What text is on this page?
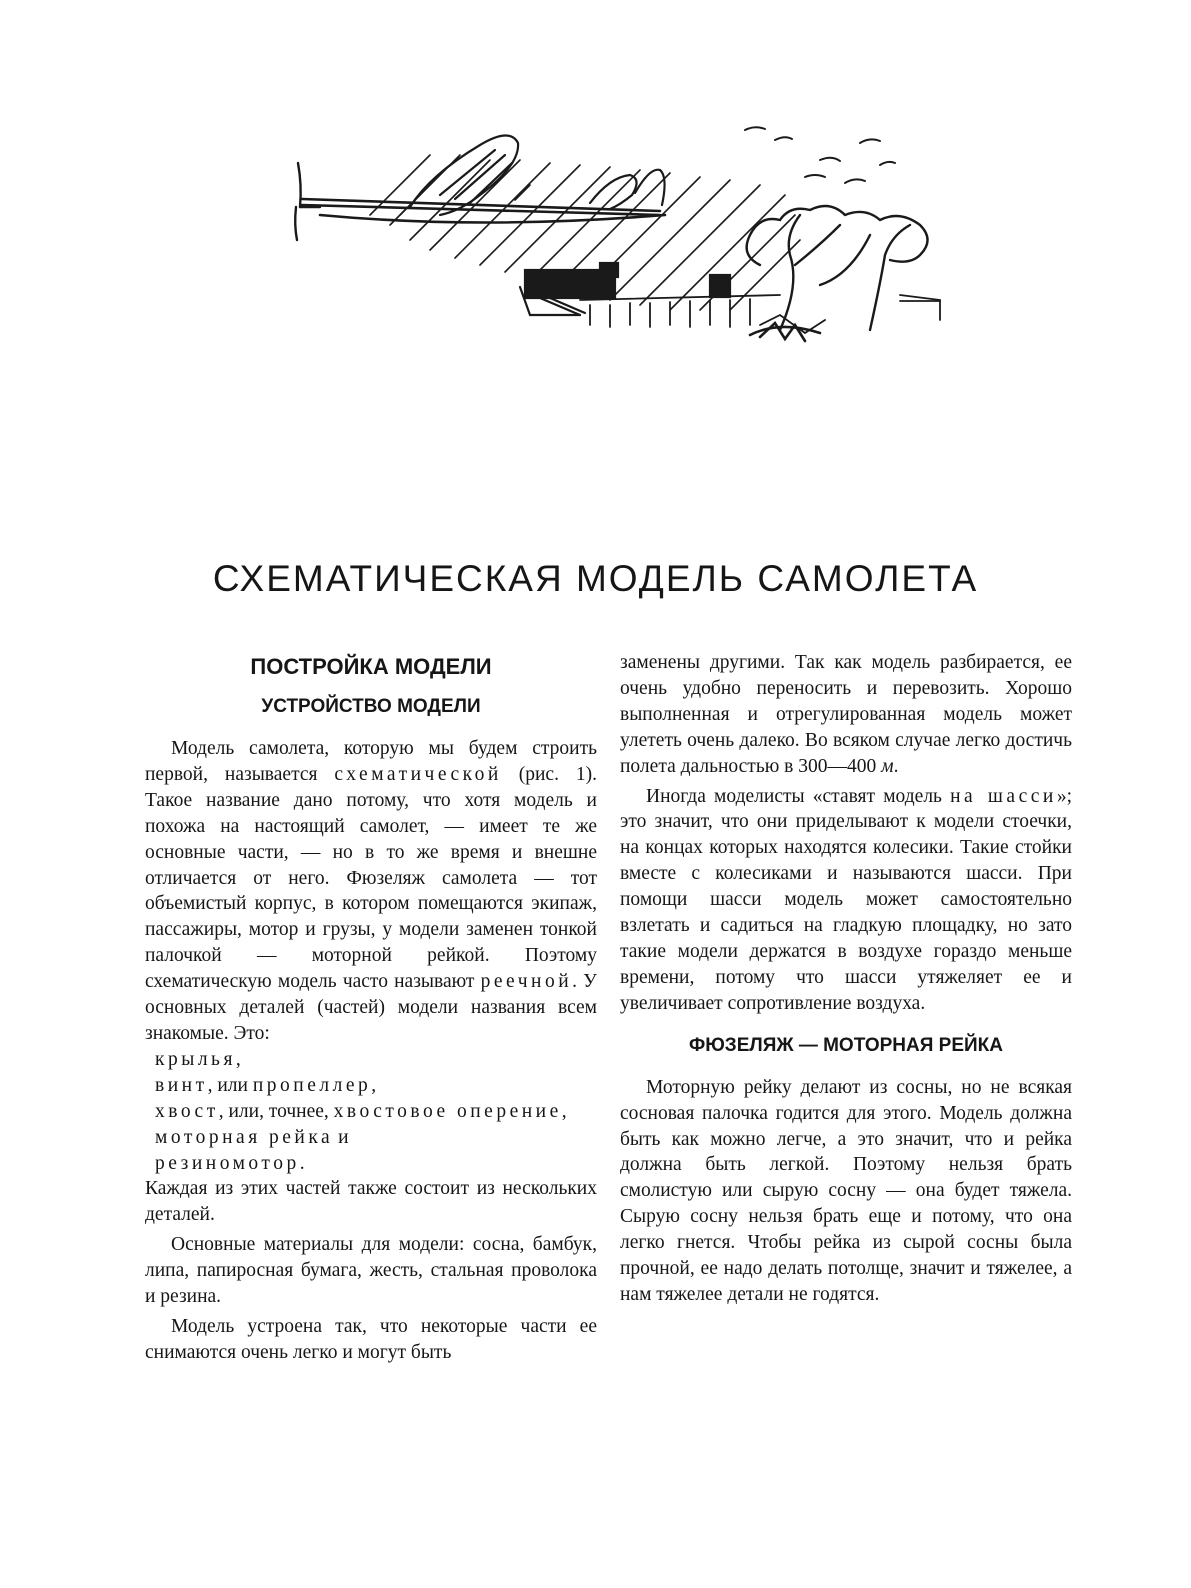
СХЕМАТИЧЕСКАЯ МОДЕЛЬ САМОЛЕТА
ПОСТРОЙКА МОДЕЛИ
УСТРОЙСТВО МОДЕЛИ

Модель самолета, которую мы будем строить первой, называется схематической (рис. 1). Такое название дано потому, что хотя модель и похожа на настоящий самолет, — имеет те же основные части, — но в то же время и внешне отличается от него. Фюзеляж самолета — тот объемистый корпус, в котором помещаются экипаж, пассажиры, мотор и грузы, у модели заменен тонкой палочкой — моторной рейкой. Поэтому схематическую модель часто называют реечной. У основных деталей (частей) модели названия всем знакомые. Это:

крылья,
винт, или пропеллер,
хвост, или, точнее, хвостовое оперение,
моторная рейка и
резиномотор.

Каждая из этих частей также состоит из нескольких деталей.

Основные материалы для модели: сосна, бамбук, липа, папиросная бумага, жесть, стальная проволока и резина.

Модель устроена так, что некоторые части ее снимаются очень легко и могут быть

заменены другими. Так как модель разбирается, ее очень удобно переносить и перевозить. Хорошо выполненная и отрегулированная модель может улететь очень далеко. Во всяком случае легко достичь полета дальностью в 300—400 м.

Иногда моделисты «ставят модель на шасси»; это значит, что они приделывают к модели стоечки, на концах которых находятся колесики. Такие стойки вместе с колесиками и называются шасси. При помощи шасси модель может самостоятельно взлетать и садиться на гладкую площадку, но зато такие модели держатся в воздухе гораздо меньше времени, потому что шасси утяжеляет ее и увеличивает сопротивление воздуха.

ФЮЗЕЛЯЖ — МОТОРНАЯ РЕЙКА

Моторную рейку делают из сосны, но не всякая сосновая палочка годится для этого. Модель должна быть как можно легче, а это значит, что и рейка должна быть легкой. Поэтому нельзя брать смолистую или сырую сосну — она будет тяжела. Сырую сосну нельзя брать еще и потому, что она легко гнется. Чтобы рейка из сырой сосны была прочной, ее надо делать потолще, значит и тяжелее, а нам тяжелее детали не годятся.
